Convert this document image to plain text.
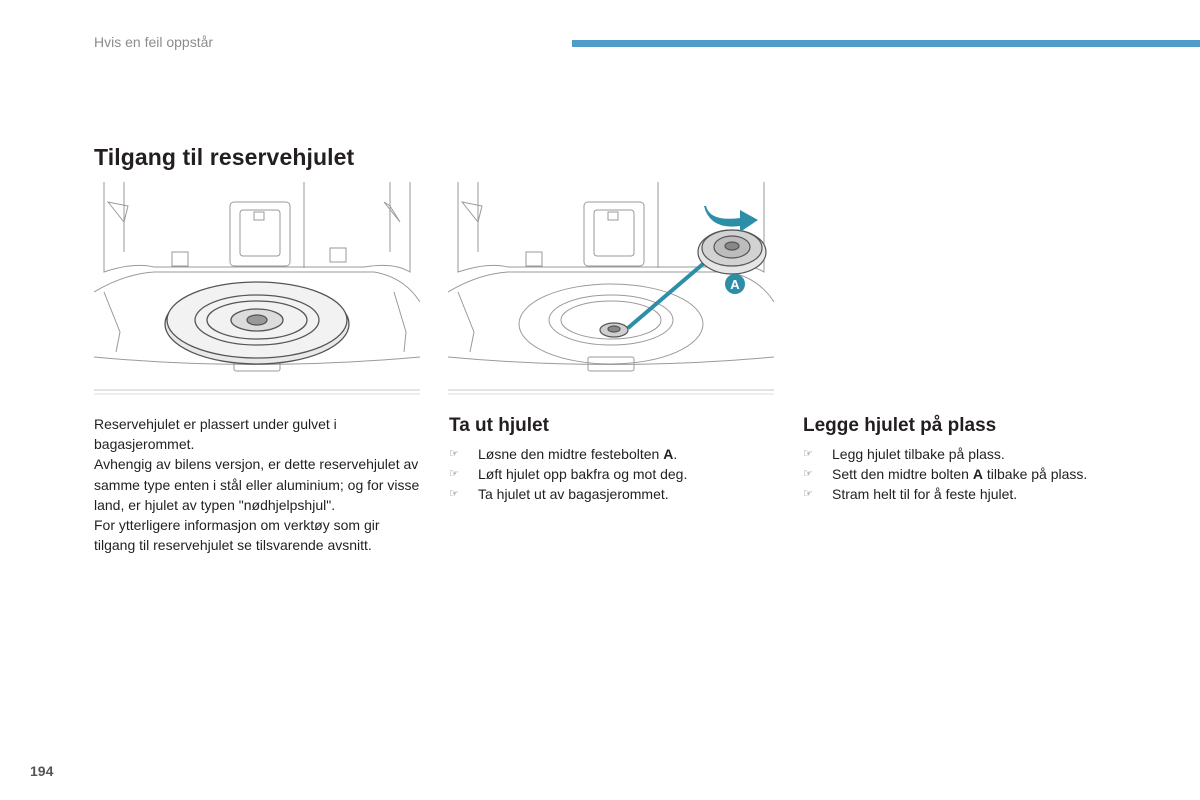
Hvis en feil oppstår
Tilgang til reservehjulet
A

Reservehjulet er plassert under gulvet i bagasjerommet.

Avhengig av bilens versjon, er dette reservehjulet av samme type enten i stål eller aluminium; og for visse land, er hjulet av typen "nødhjelpshjul".

For ytterligere informasjon om verktøy som gir tilgang til reservehjulet se tilsvarende avsnitt.

Ta ut hjulet
☞ Løsne den midtre festebolten A.
☞ Løft hjulet opp bakfra og mot deg.
☞ Ta hjulet ut av bagasjerommet.
Legge hjulet på plass
☞ Legg hjulet tilbake på plass.
☞ Sett den midtre bolten A tilbake på plass.
☞ Stram helt til for å feste hjulet.
194
